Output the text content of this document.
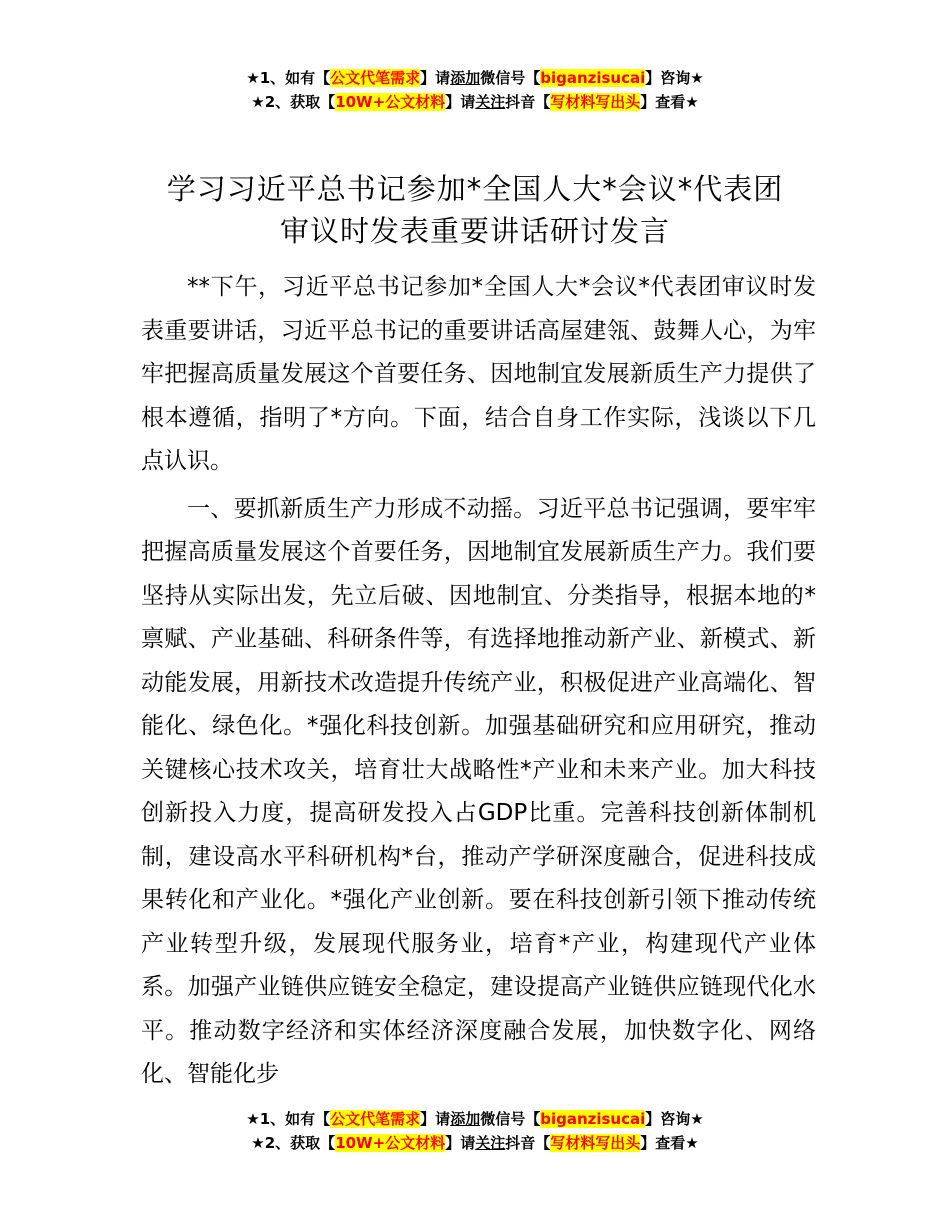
★1、如有【公文代笔需求】请添加微信号【biganzisucai】咨询★
★2、获取【10W+公文材料】请关注抖音【写材料写出头】查看★
学习习近平总书记参加*全国人大*会议*代表团
审议时发表重要讲话研讨发言

**下午，习近平总书记参加*全国人大*会议*代表团审议时发表重要讲话，习近平总书记的重要讲话高屋建瓴、鼓舞人心，为牢牢把握高质量发展这个首要任务、因地制宜发展新质生产力提供了根本遵循，指明了*方向。下面，结合自身工作实际，浅谈以下几点认识。

一、要抓新质生产力形成不动摇。习近平总书记强调，要牢牢把握高质量发展这个首要任务，因地制宜发展新质生产力。我们要坚持从实际出发，先立后破、因地制宜、分类指导，根据本地的*禀赋、产业基础、科研条件等，有选择地推动新产业、新模式、新动能发展，用新技术改造提升传统产业，积极促进产业高端化、智能化、绿色化。*强化科技创新。加强基础研究和应用研究，推动关键核心技术攻关，培育壮大战略性*产业和未来产业。加大科技创新投入力度，提高研发投入占GDP比重。完善科技创新体制机制，建设高水平科研机构*台，推动产学研深度融合，促进科技成果转化和产业化。*强化产业创新。要在科技创新引领下推动传统产业转型升级，发展现代服务业，培育*产业，构建现代产业体系。加强产业链供应链安全稳定，建设提高产业链供应链现代化水平。推动数字经济和实体经济深度融合发展，加快数字化、网络化、智能化步

★1、如有【公文代笔需求】请添加微信号【biganzisucai】咨询★
★2、获取【10W+公文材料】请关注抖音【写材料写出头】查看★
